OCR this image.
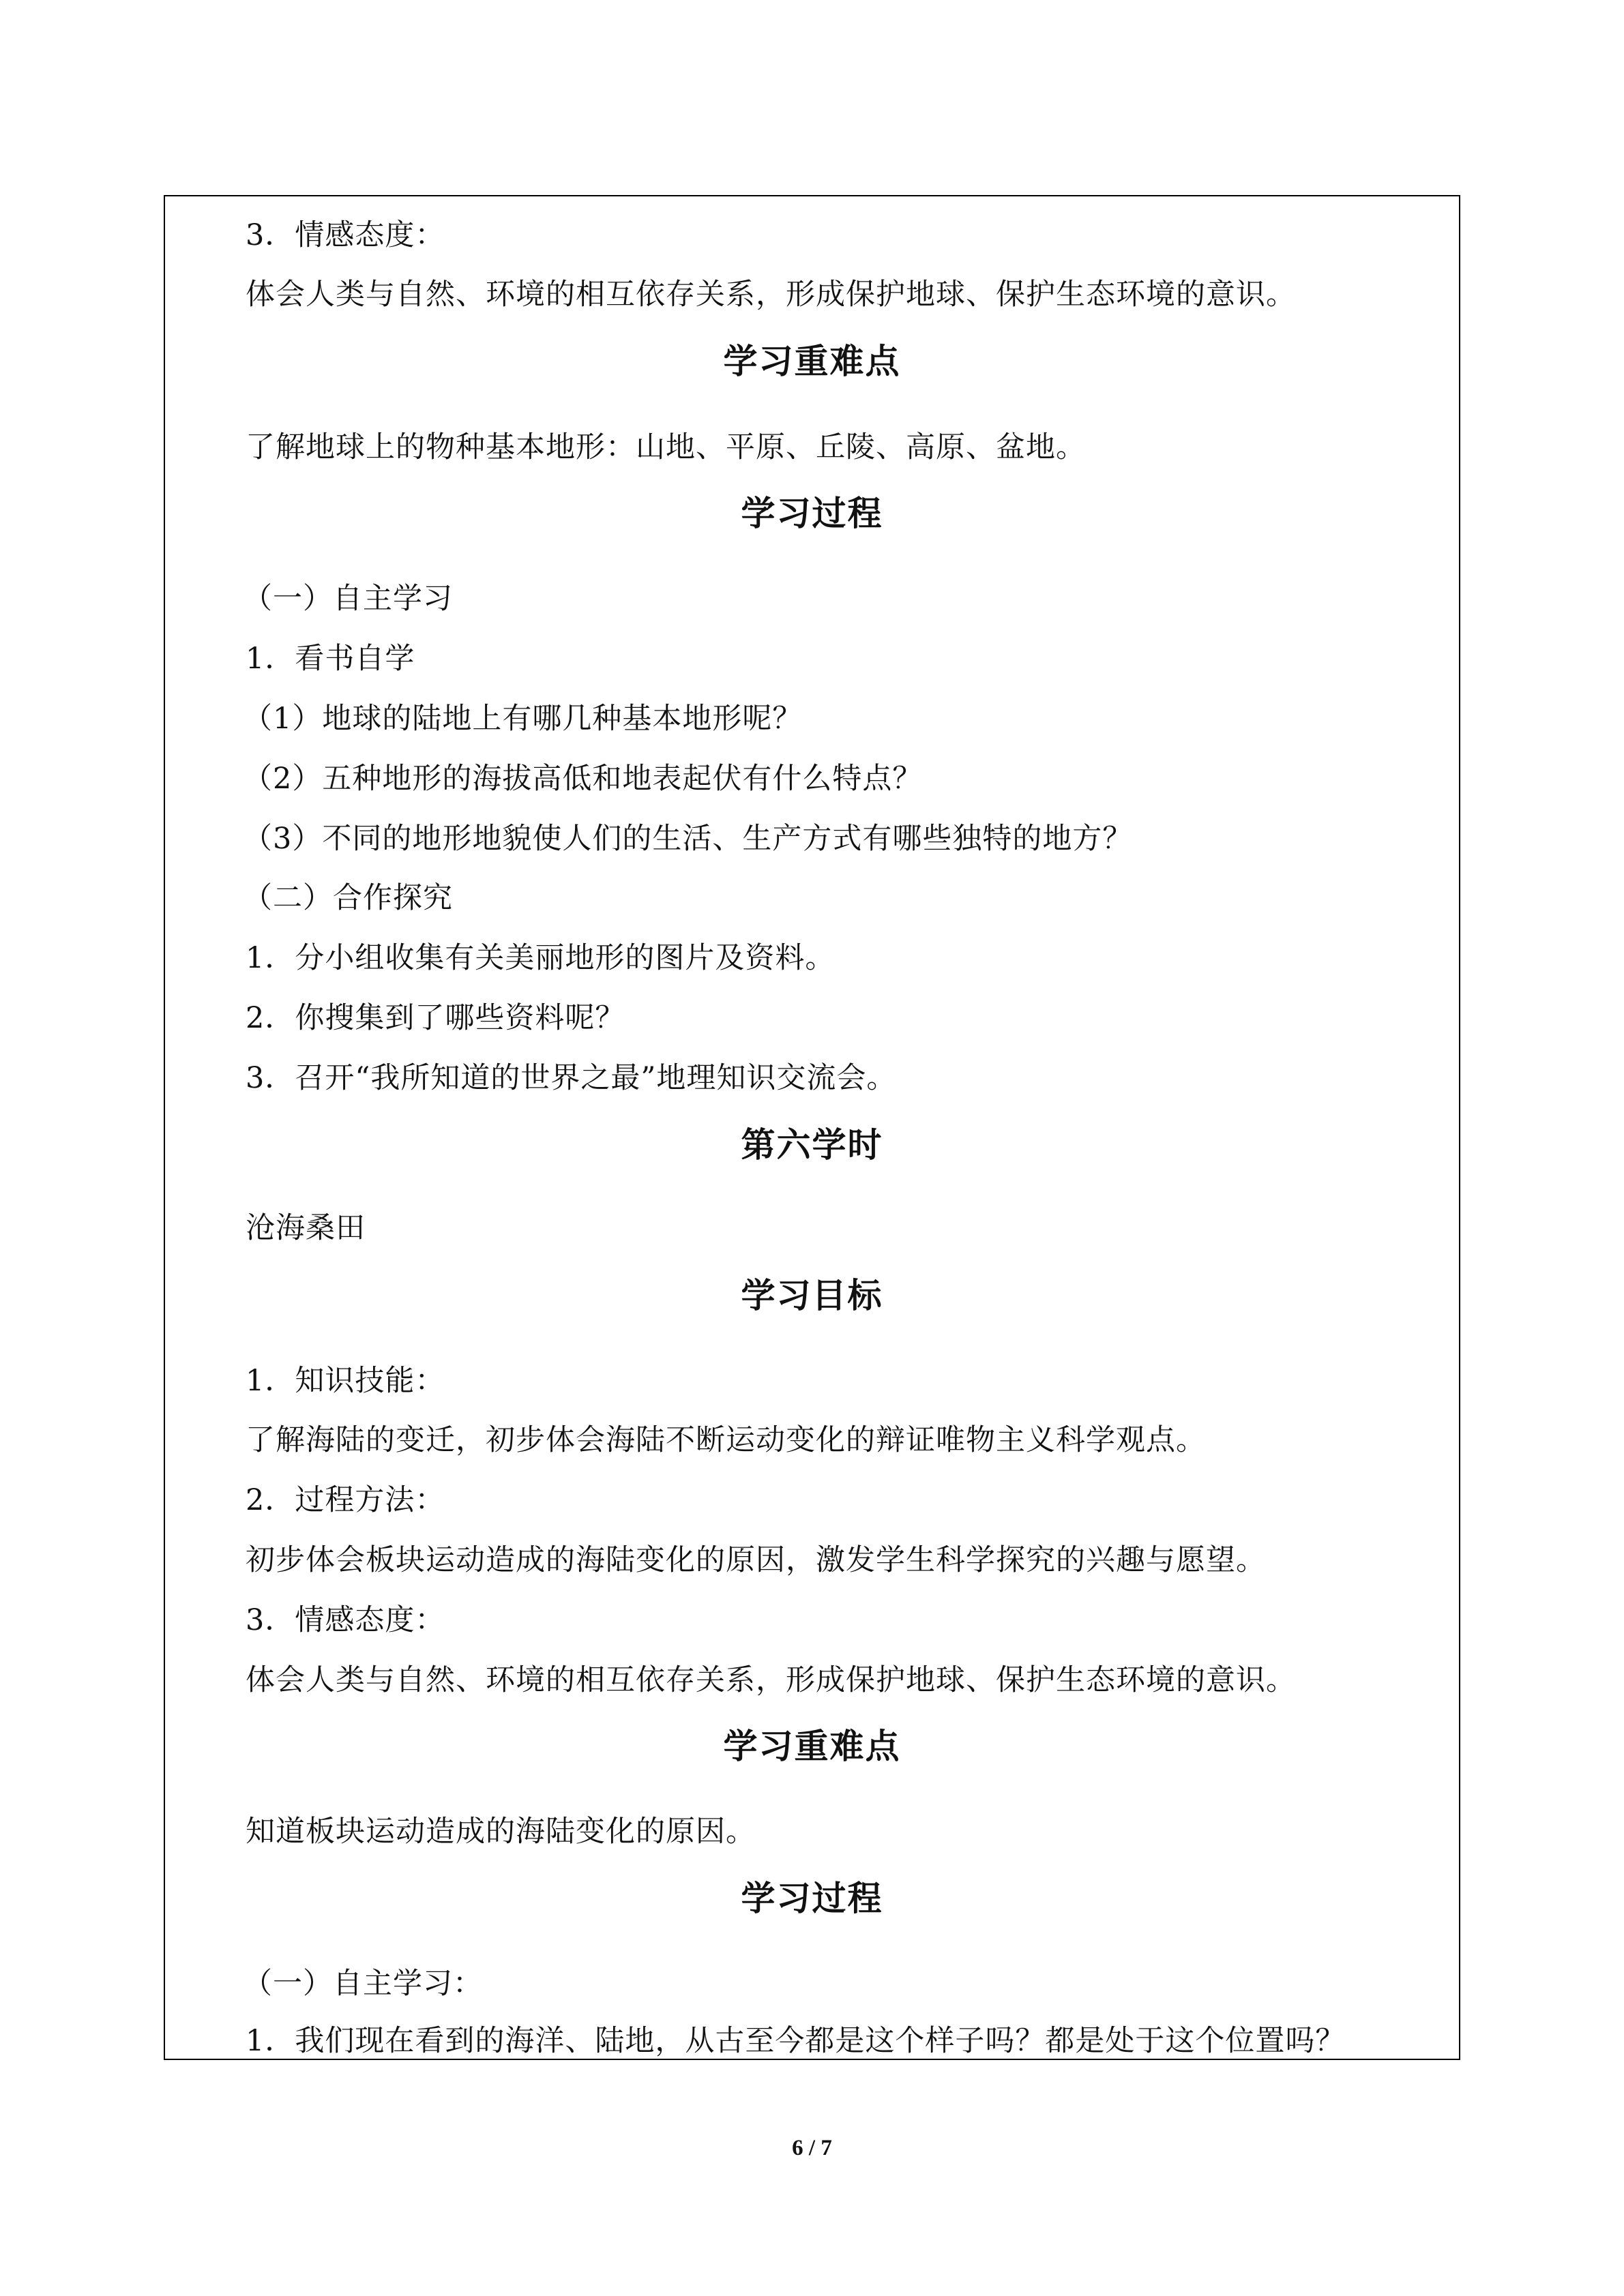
3．情感态度：
体会人类与自然、环境的相互依存关系，形成保护地球、保护生态环境的意识。
学习重难点
了解地球上的物种基本地形：山地、平原、丘陵、高原、盆地。
学习过程
（一）自主学习
1．看书自学
（1）地球的陆地上有哪几种基本地形呢？
（2）五种地形的海拔高低和地表起伏有什么特点？
（3）不同的地形地貌使人们的生活、生产方式有哪些独特的地方？
（二）合作探究
1．分小组收集有关美丽地形的图片及资料。
2．你搜集到了哪些资料呢？
3．召开“我所知道的世界之最”地理知识交流会。
第六学时
沧海桑田
学习目标
1．知识技能：
了解海陆的变迁，初步体会海陆不断运动变化的辩证唯物主义科学观点。
2．过程方法：
初步体会板块运动造成的海陆变化的原因，激发学生科学探究的兴趣与愿望。
3．情感态度：
体会人类与自然、环境的相互依存关系，形成保护地球、保护生态环境的意识。
学习重难点
知道板块运动造成的海陆变化的原因。
学习过程
（一）自主学习：
1．我们现在看到的海洋、陆地，从古至今都是这个样子吗？都是处于这个位置吗？
6 / 7
